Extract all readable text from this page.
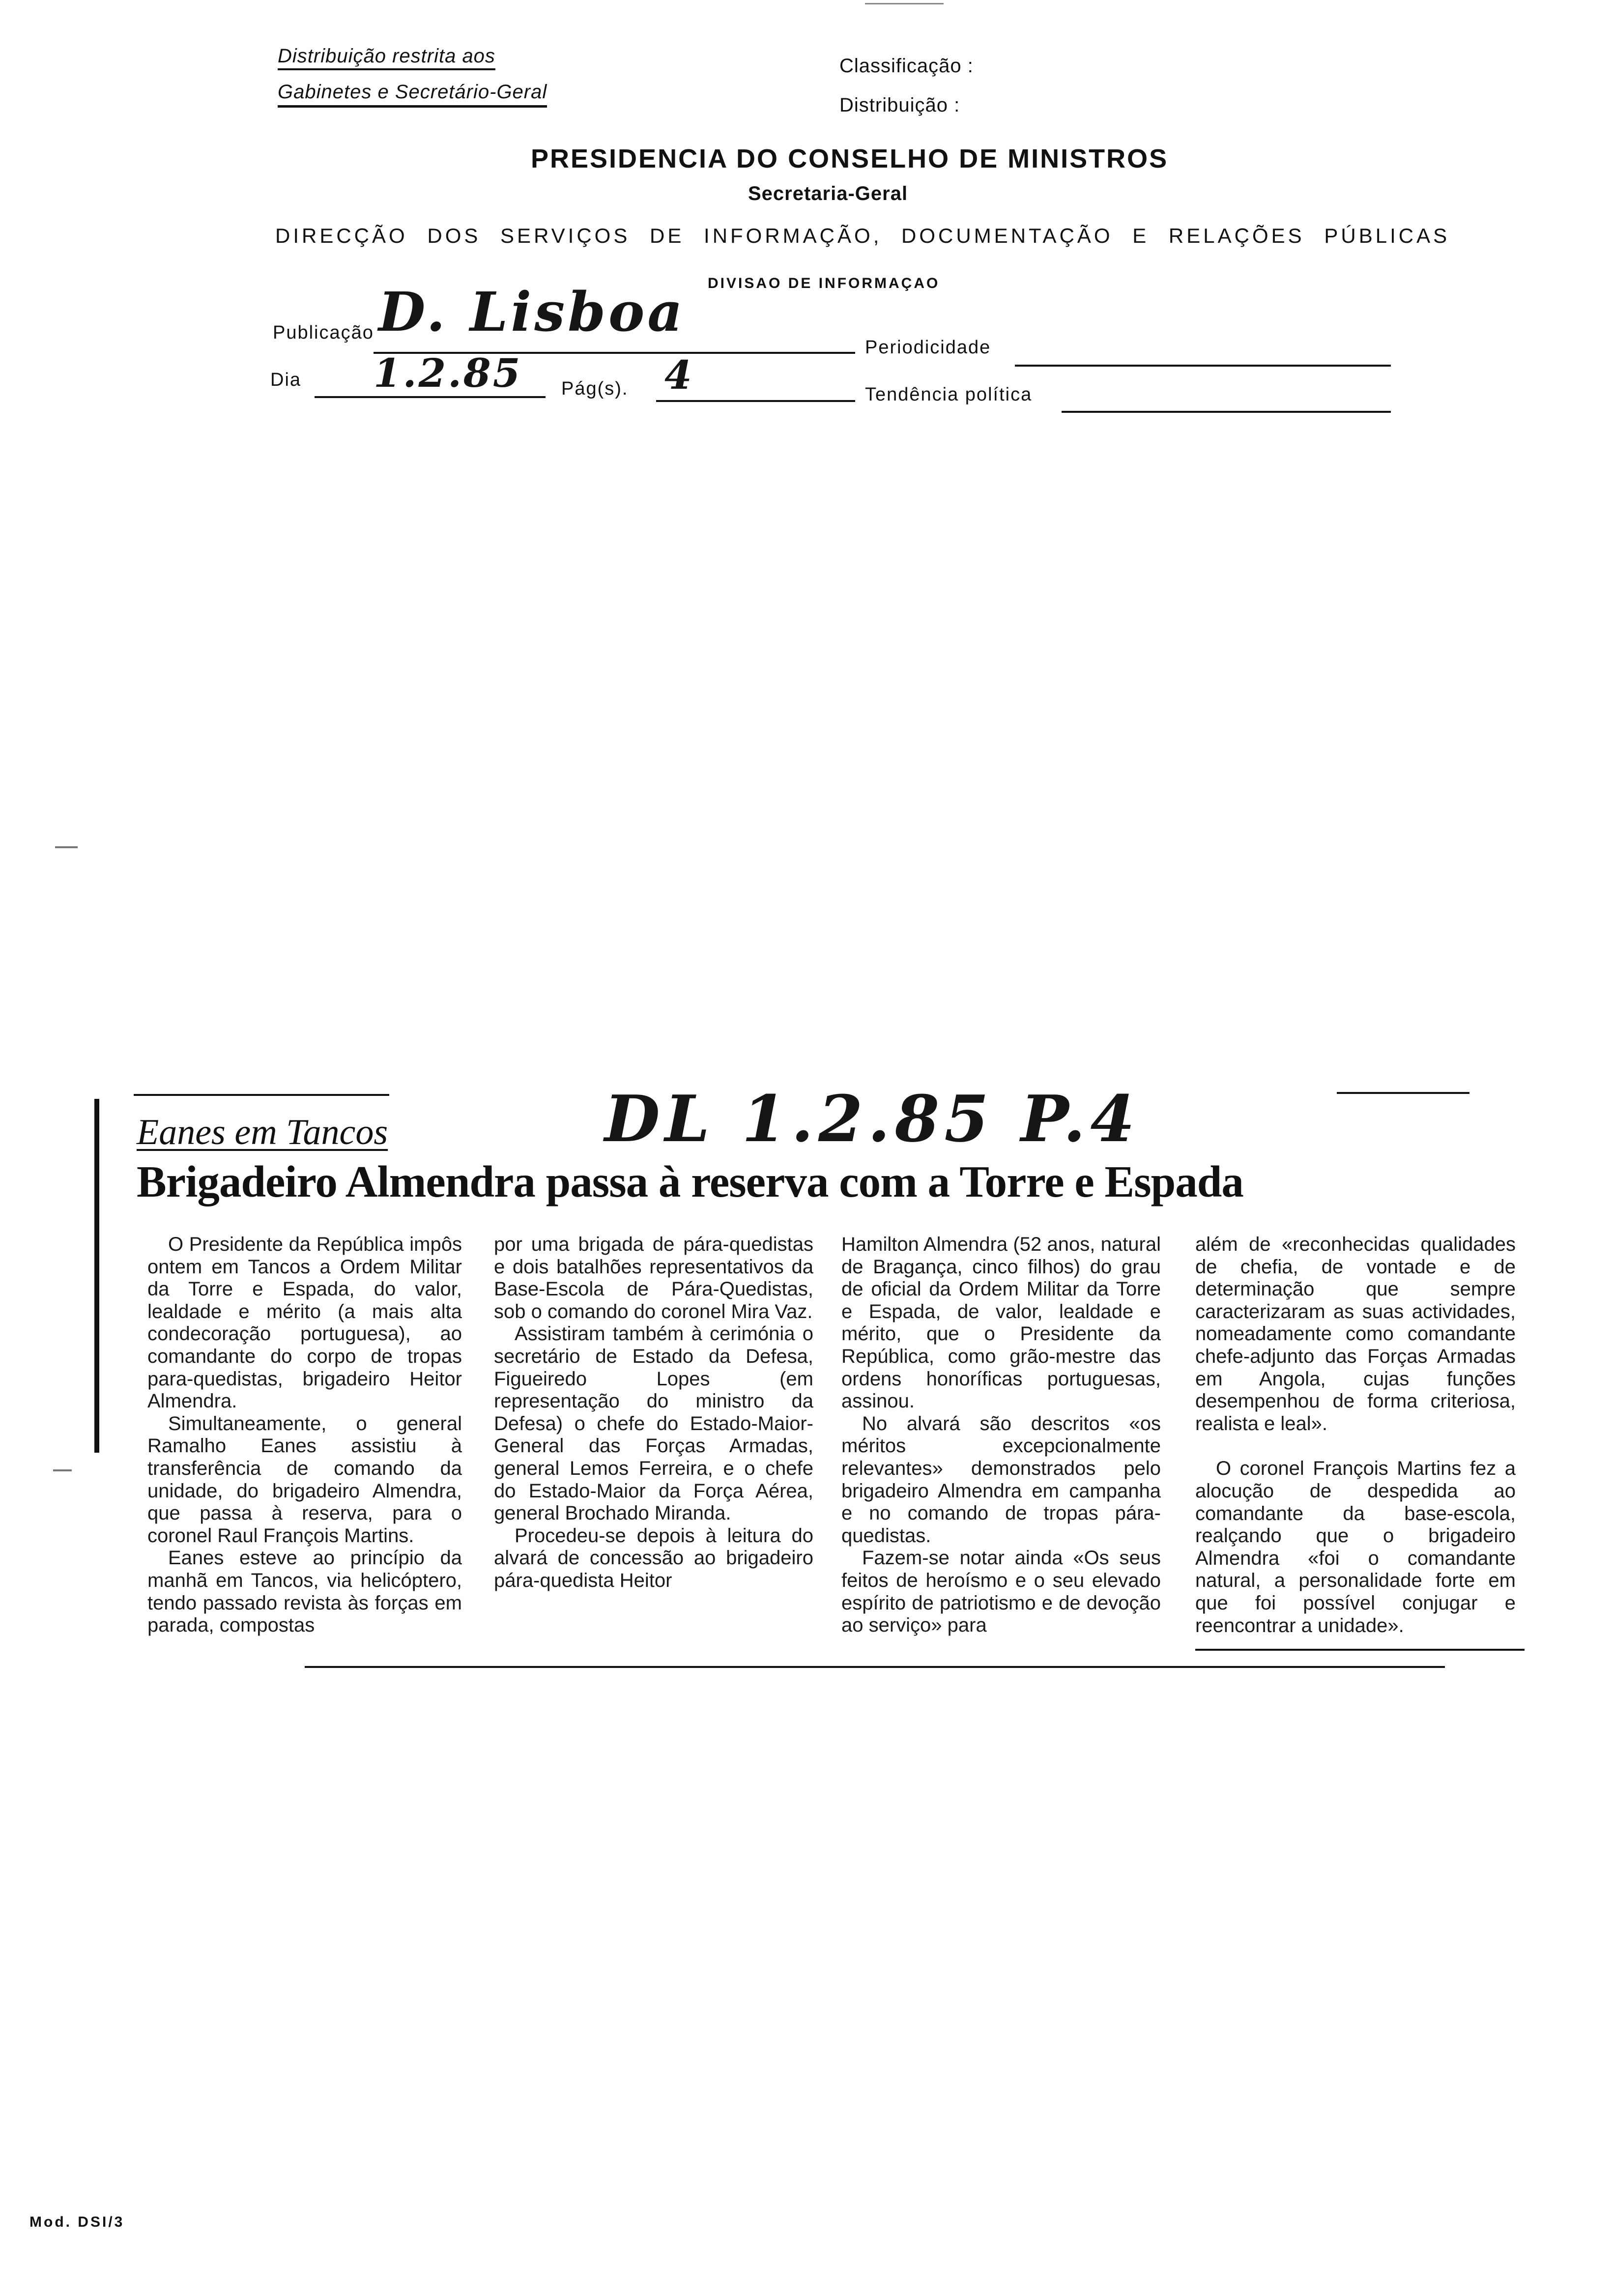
Distribuição restrita aos
Gabinetes e Secretário-Geral
Classificação :
Distribuição :
PRESIDENCIA DO CONSELHO DE MINISTROS
Secretaria-Geral
DIRECÇÃO DOS SERVIÇOS DE INFORMAÇÃO, DOCUMENTAÇÃO E RELAÇÕES PÚBLICAS
DIVISAO DE INFORMAÇAO
Publicação D. Lisboa
Periodicidade
Dia 1.2.85 Pág(s). 4	Tendência política
DL 1.2.85 P.4
Eanes em Tancos
Brigadeiro Almendra passa à reserva com a Torre e Espada

O Presidente da República impôs ontem em Tancos a Ordem Militar da Torre e Espada, do valor, lealdade e mérito (a mais alta condecoração portuguesa), ao comandante do corpo de tropas para-quedistas, brigadeiro Heitor Almendra.

Simultaneamente, o general Ramalho Eanes assistiu à transferência de comando da unidade, do brigadeiro Almendra, que passa à reserva, para o coronel Raul François Martins.

Eanes esteve ao princípio da manhã em Tancos, via helicóptero, tendo passado revista às forças em parada, compostas

por uma brigada de pára-quedistas e dois batalhões representativos da Base-Escola de Pára-Quedistas, sob o comando do coronel Mira Vaz.

Assistiram também à cerimónia o secretário de Estado da Defesa, Figueiredo Lopes (em representação do ministro da Defesa) o chefe do Estado-Maior-General das Forças Armadas, general Lemos Ferreira, e o chefe do Estado-Maior da Força Aérea, general Brochado Miranda.

Procedeu-se depois à leitura do alvará de concessão ao brigadeiro pára-quedista Heitor

Hamilton Almendra (52 anos, natural de Bragança, cinco filhos) do grau de oficial da Ordem Militar da Torre e Espada, de valor, lealdade e mérito, que o Presidente da República, como grão-mestre das ordens honoríficas portuguesas, assinou.

No alvará são descritos «os méritos excepcionalmente relevantes» demonstrados pelo brigadeiro Almendra em campanha e no comando de tropas pára-quedistas.

Fazem-se notar ainda «Os seus feitos de heroísmo e o seu elevado espírito de patriotismo e de devoção ao serviço» para

além de «reconhecidas qualidades de chefia, de vontade e de determinação que sempre caracterizaram as suas actividades, nomeadamente como comandante chefe-adjunto das Forças Armadas em Angola, cujas funções desempenhou de forma criteriosa, realista e leal».

O coronel François Martins fez a alocução de despedida ao comandante da base-escola, realçando que o brigadeiro Almendra «foi o comandante natural, a personalidade forte em que foi possível conjugar e reencontrar a unidade».

Mod. DSI/3
